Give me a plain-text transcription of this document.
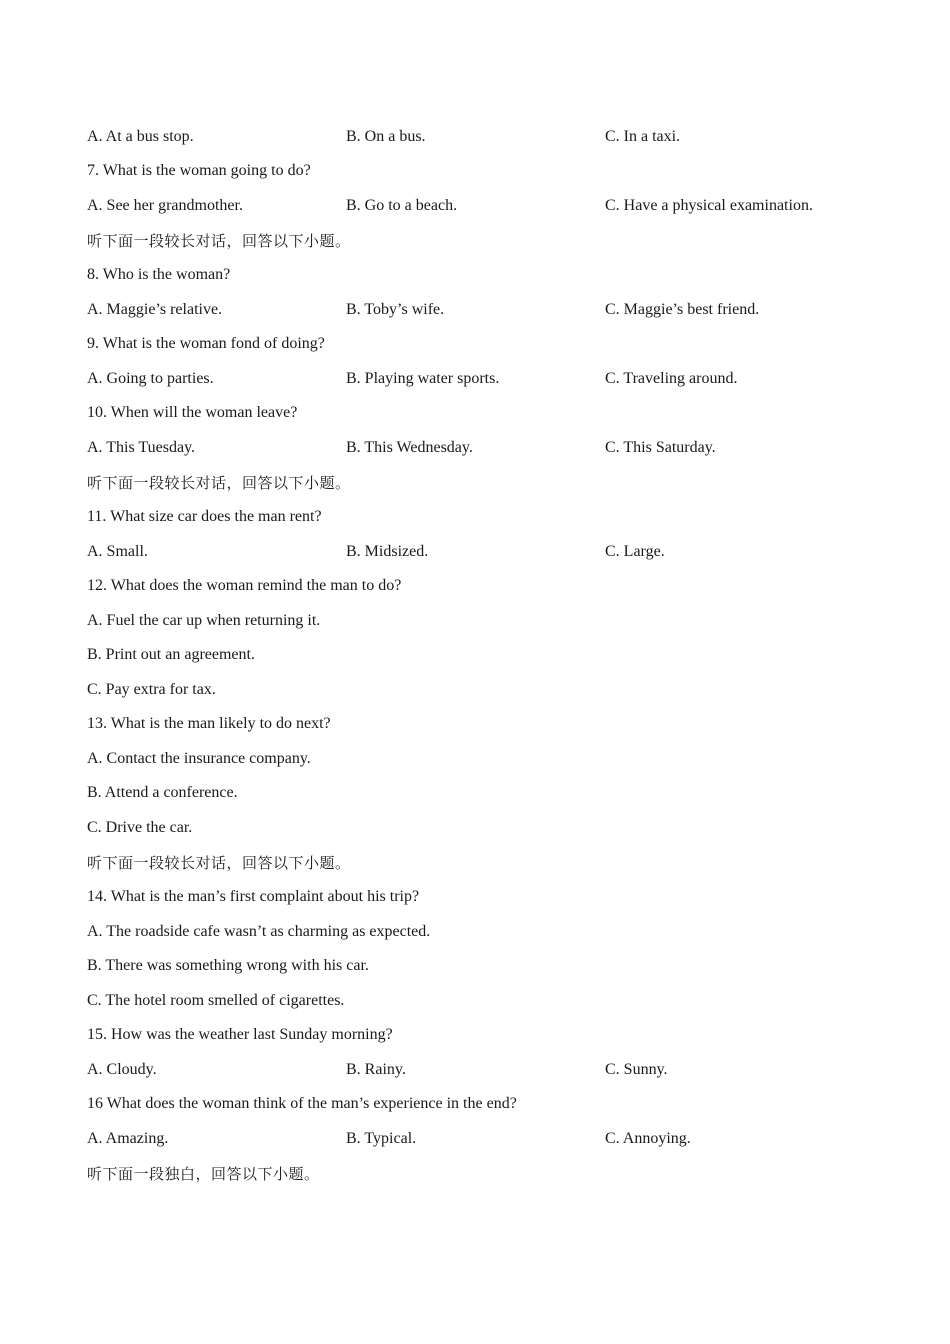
A. At a bus stop.	B. On a bus.	C. In a taxi.
7. What is the woman going to do?
A. See her grandmother.	B. Go to a beach.	C. Have a physical examination.
听下面一段较长对话，回答以下小题。
8. Who is the woman?
A. Maggie’s relative.	B. Toby’s wife.	C. Maggie’s best friend.
9. What is the woman fond of doing?
A. Going to parties.	B. Playing water sports.	C. Traveling around.
10. When will the woman leave?
A. This Tuesday.	B. This Wednesday.	C. This Saturday.
听下面一段较长对话，回答以下小题。
11. What size car does the man rent?
A. Small.	B. Midsized.	C. Large.
12. What does the woman remind the man to do?
A. Fuel the car up when returning it.
B. Print out an agreement.
C. Pay extra for tax.
13. What is the man likely to do next?
A. Contact the insurance company.
B. Attend a conference.
C. Drive the car.
听下面一段较长对话，回答以下小题。
14. What is the man’s first complaint about his trip?
A. The roadside cafe wasn’t as charming as expected.
B. There was something wrong with his car.
C. The hotel room smelled of cigarettes.
15. How was the weather last Sunday morning?
A. Cloudy.	B. Rainy.	C. Sunny.
16 What does the woman think of the man’s experience in the end?
A. Amazing.	B. Typical.	C. Annoying.
听下面一段独白，回答以下小题。
